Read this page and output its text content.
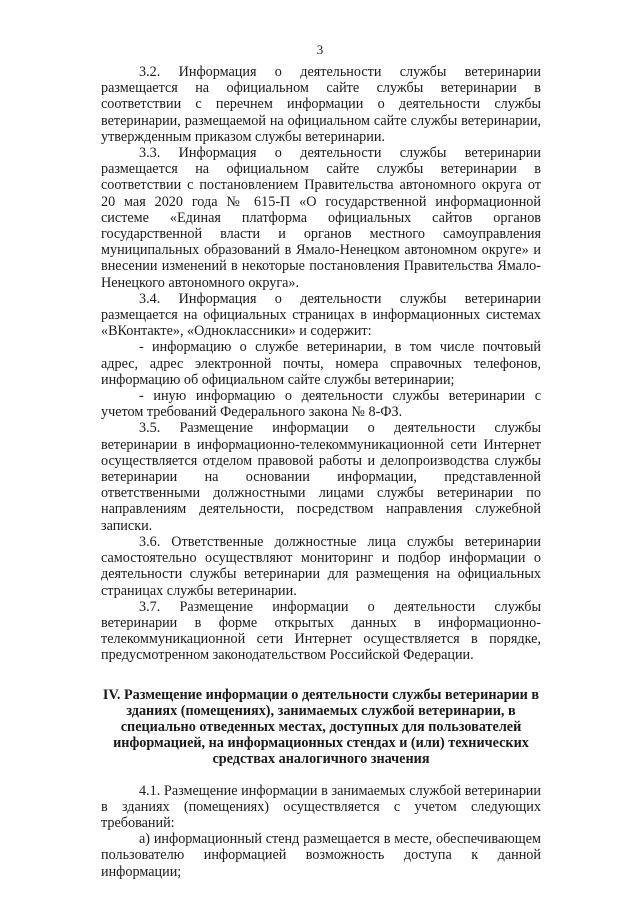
3

3.2. Информация о деятельности службы ветеринарии размещается на официальном сайте службы ветеринарии в соответствии с перечнем информации о деятельности службы ветеринарии, размещаемой на официальном сайте службы ветеринарии, утвержденным приказом службы ветеринарии.

3.3. Информация о деятельности службы ветеринарии размещается на официальном сайте службы ветеринарии в соответствии с постановлением Правительства автономного округа от 20 мая 2020 года № 615-П «О государственной информационной системе «Единая платформа официальных сайтов органов государственной власти и органов местного самоуправления муниципальных образований в Ямало-Ненецком автономном округе» и внесении изменений в некоторые постановления Правительства Ямало-Ненецкого автономного округа».

3.4. Информация о деятельности службы ветеринарии размещается на официальных страницах в информационных системах «ВКонтакте», «Одноклассники» и содержит:

- информацию о службе ветеринарии, в том числе почтовый адрес, адрес электронной почты, номера справочных телефонов, информацию об официальном сайте службы ветеринарии;

- иную информацию о деятельности службы ветеринарии с учетом требований Федерального закона № 8-ФЗ.

3.5. Размещение информации о деятельности службы ветеринарии в информационно-телекоммуникационной сети Интернет осуществляется отделом правовой работы и делопроизводства службы ветеринарии на основании информации, представленной ответственными должностными лицами службы ветеринарии по направлениям деятельности, посредством направления служебной записки.

3.6. Ответственные должностные лица службы ветеринарии самостоятельно осуществляют мониторинг и подбор информации о деятельности службы ветеринарии для размещения на официальных страницах службы ветеринарии.

3.7. Размещение информации о деятельности службы ветеринарии в форме открытых данных в информационно-телекоммуникационной сети Интернет осуществляется в порядке, предусмотренном законодательством Российской Федерации.

IV. Размещение информации о деятельности службы ветеринарии в зданиях (помещениях), занимаемых службой ветеринарии, в специально отведенных местах, доступных для пользователей информацией, на информационных стендах и (или) технических средствах аналогичного значения

4.1. Размещение информации в занимаемых службой ветеринарии в зданиях (помещениях) осуществляется с учетом следующих требований:

а) информационный стенд размещается в месте, обеспечивающем пользователю информацией возможность доступа к данной информации;
